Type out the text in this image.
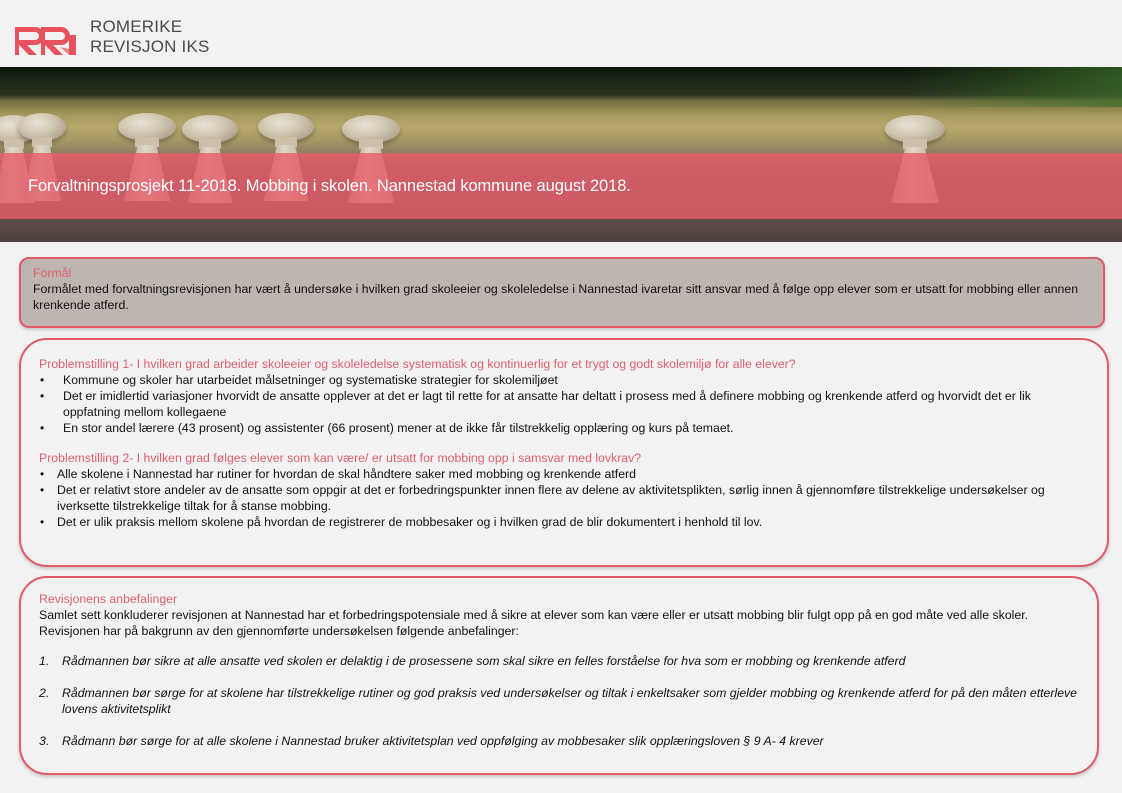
ROMERIKE
REVISJON IKS
Forvaltningsprosjekt 11-2018. Mobbing i skolen. Nannestad kommune august 2018.
Formål
Formålet med forvaltningsrevisjonen har vært å undersøke i hvilken grad skoleeier og skoleledelse i Nannestad ivaretar sitt ansvar med å følge opp elever som er utsatt for mobbing eller annen krenkende atferd.
Problemstilling 1- I hvilken grad arbeider skoleeier og skoleledelse systematisk og kontinuerlig for et trygt og godt skolemiljø for alle elever?
• Kommune og skoler har utarbeidet målsetninger og systematiske strategier for skolemiljøet
• Det er imidlertid variasjoner hvorvidt de ansatte opplever at det er lagt til rette for at ansatte har deltatt i prosess med å definere mobbing og krenkende atferd og hvorvidt det er lik oppfatning mellom kollegaene
• En stor andel lærere (43 prosent) og assistenter (66 prosent) mener at de ikke får tilstrekkelig opplæring og kurs på temaet.
Problemstilling 2- I hvilken grad følges elever som kan være/ er utsatt for mobbing opp i samsvar med lovkrav?
• Alle skolene i Nannestad har rutiner for hvordan de skal håndtere saker med mobbing og krenkende atferd
• Det er relativt store andeler av de ansatte som oppgir at det er forbedringspunkter innen flere av delene av aktivitetsplikten, sørlig innen å gjennomføre tilstrekkelige undersøkelser og iverksette tilstrekkelige tiltak for å stanse mobbing.
• Det er ulik praksis mellom skolene på hvordan de registrerer de mobbesaker og i hvilken grad de blir dokumentert i henhold til lov.
Revisjonens anbefalinger
Samlet sett konkluderer revisjonen at Nannestad har et forbedringspotensiale med å sikre at elever som kan være eller er utsatt mobbing blir fulgt opp på en god måte ved alle skoler. Revisjonen har på bakgrunn av den gjennomførte undersøkelsen følgende anbefalinger:
1. Rådmannen bør sikre at alle ansatte ved skolen er delaktig i de prosessene som skal sikre en felles forståelse for hva som er mobbing og krenkende atferd
2. Rådmannen bør sørge for at skolene har tilstrekkelige rutiner og god praksis ved undersøkelser og tiltak i enkeltsaker som gjelder mobbing og krenkende atferd for på den måten etterleve lovens aktivitetsplikt
3. Rådmann bør sørge for at alle skolene i Nannestad bruker aktivitetsplan ved oppfølging av mobbesaker slik opplæringsloven § 9 A- 4 krever
